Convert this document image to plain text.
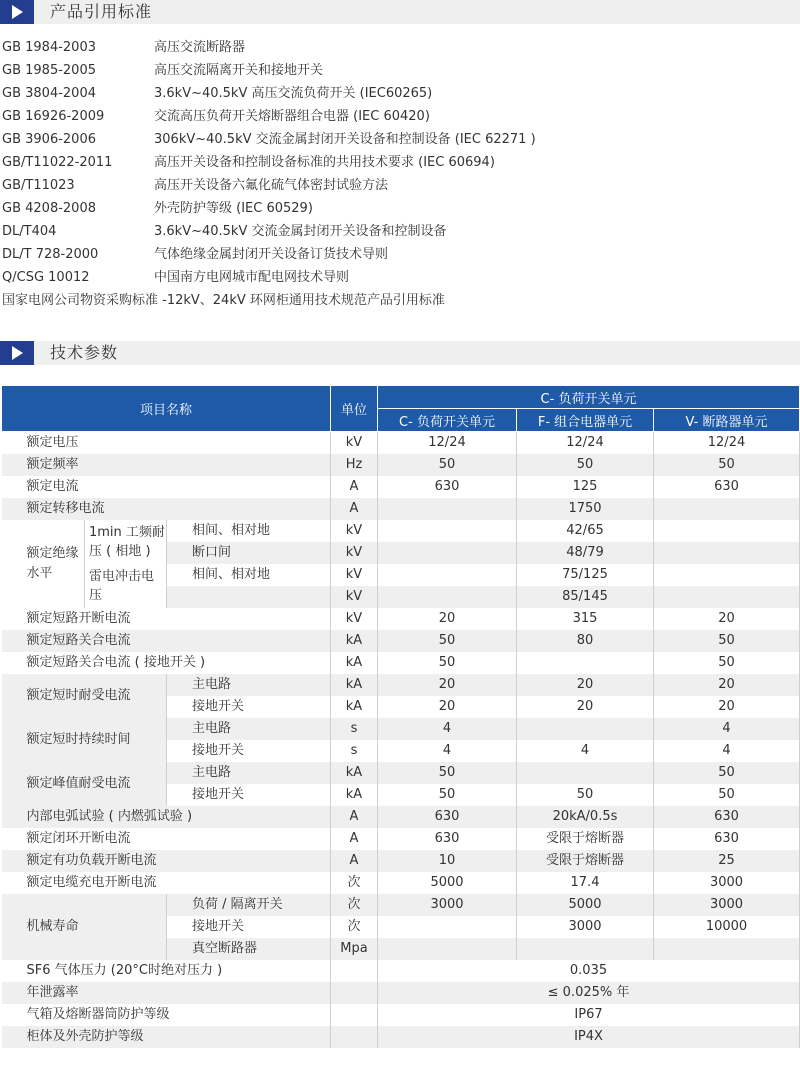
产品引用标准
GB 1984-2003	高压交流断路器
GB 1985-2005	高压交流隔离开关和接地开关
GB 3804-2004	3.6kV~40.5kV 高压交流负荷开关 (IEC60265)
GB 16926-2009	交流高压负荷开关熔断器组合电器 (IEC 60420)
GB 3906-2006	306kV~40.5kV 交流金属封闭开关设备和控制设备 (IEC 62271 )
GB/T11022-2011	高压开关设备和控制设备标准的共用技术要求 (IEC 60694)
GB/T11023	高压开关设备六氟化硫气体密封试验方法
GB 4208-2008	外壳防护等级 (IEC 60529)
DL/T404	3.6kV~40.5kV 交流金属封闭开关设备和控制设备
DL/T 728-2000	气体绝缘金属封闭开关设备订货技术导则
Q/CSG 10012	中国南方电网城市配电网技术导则
国家电网公司物资采购标准 -12kV、24kV 环网柜通用技术规范产品引用标准
技术参数
项目名称			单位	C- 负荷开关单元		
				C- 负荷开关单元	F- 组合电器单元	V- 断路器单元
额定电压			kV	12/24	12/24	12/24
额定频率			Hz	50	50	50
额定电流			A	630	125	630
额定转移电流			A		1750	
额定绝缘水平	1min 工频耐压 ( 相地 )	相间、相对地	kV		42/65	
		断口间	kV		48/79	
	雷电冲击电压	相间、相对地	kV		75/125	
			kV		85/145	
额定短路开断电流			kV	20	315	20
额定短路关合电流			kA	50	80	50
额定短路关合电流 ( 接地开关 )			kA	50		50
额定短时耐受电流		主电路	kA	20	20	20
		接地开关	kA	20	20	20
额定短时持续时间		主电路	s	4		4
		接地开关	s	4	4	4
额定峰值耐受电流		主电路	kA	50		50
		接地开关	kA	50	50	50
内部电弧试验 ( 内燃弧试验 )			A	630	20kA/0.5s	630
额定闭环开断电流			A	630	受限于熔断器	630
额定有功负载开断电流			A	10	受限于熔断器	25
额定电缆充电开断电流			次	5000	17.4	3000
机械寿命		负荷 / 隔离开关	次	3000	5000	3000
		接地开关	次		3000	10000
		真空断路器	Mpa			
SF6 气体压力 (20°C时绝对压力 )				0.035		
年泄露率				≤ 0.025% 年		
气箱及熔断器筒防护等级				IP67		
柜体及外壳防护等级				IP4X		
